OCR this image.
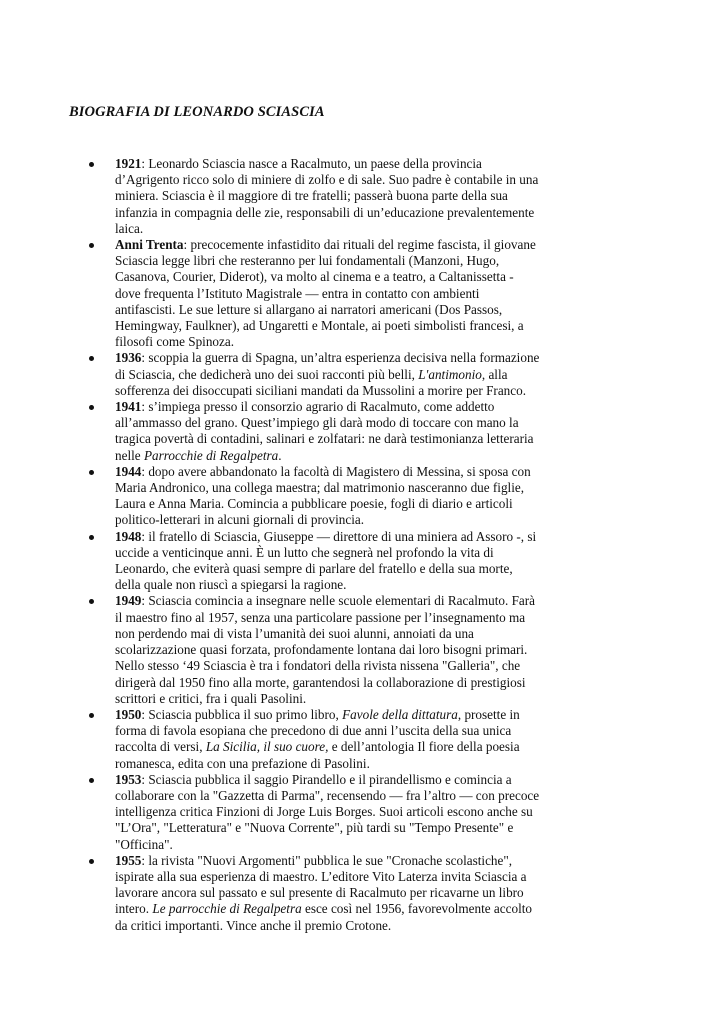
BIOGRAFIA DI LEONARDO SCIASCIA
1921: Leonardo Sciascia nasce a Racalmuto, un paese della provincia d’Agrigento ricco solo di miniere di zolfo e di sale. Suo padre è contabile in una miniera. Sciascia è il maggiore di tre fratelli; passerà buona parte della sua infanzia in compagnia delle zie, responsabili di un’educazione prevalentemente laica.
Anni Trenta: precocemente infastidito dai rituali del regime fascista, il giovane Sciascia legge libri che resteranno per lui fondamentali (Manzoni, Hugo, Casanova, Courier, Diderot), va molto al cinema e a teatro, a Caltanissetta - dove frequenta l’Istituto Magistrale — entra in contatto con ambienti antifascisti. Le sue letture si allargano ai narratori americani (Dos Passos, Hemingway, Faulkner), ad Ungaretti e Montale, ai poeti simbolisti francesi, a filosofi come Spinoza.
1936: scoppia la guerra di Spagna, un’altra esperienza decisiva nella formazione di Sciascia, che dedicherà uno dei suoi racconti più belli, L'antimonio, alla sofferenza dei disoccupati siciliani mandati da Mussolini a morire per Franco.
1941: s’impiega presso il consorzio agrario di Racalmuto, come addetto all’ammasso del grano. Quest’impiego gli darà modo di toccare con mano la tragica povertà di contadini, salinari e zolfatari: ne darà testimonianza letteraria nelle Parrocchie di Regalpetra.
1944: dopo avere abbandonato la facoltà di Magistero di Messina, si sposa con Maria Andronico, una collega maestra; dal matrimonio nasceranno due figlie, Laura e Anna Maria. Comincia a pubblicare poesie, fogli di diario e articoli politico-letterari in alcuni giornali di provincia.
1948: il fratello di Sciascia, Giuseppe — direttore di una miniera ad Assoro -, si uccide a venticinque anni. È un lutto che segnerà nel profondo la vita di Leonardo, che eviterà quasi sempre di parlare del fratello e della sua morte, della quale non riuscì a spiegarsi la ragione.
1949: Sciascia comincia a insegnare nelle scuole elementari di Racalmuto. Farà il maestro fino al 1957, senza una particolare passione per l’insegnamento ma non perdendo mai di vista l’umanità dei suoi alunni, annoiati da una scolarizzazione quasi forzata, profondamente lontana dai loro bisogni primari. Nello stesso ‘49 Sciascia è tra i fondatori della rivista nissena "Galleria", che dirigerà dal 1950 fino alla morte, garantendosi la collaborazione di prestigiosi scrittori e critici, fra i quali Pasolini.
1950: Sciascia pubblica il suo primo libro, Favole della dittatura, prosette in forma di favola esopiana che precedono di due anni l’uscita della sua unica raccolta di versi, La Sicilia, il suo cuore, e dell’antologia Il fiore della poesia romanesca, edita con una prefazione di Pasolini.
1953: Sciascia pubblica il saggio Pirandello e il pirandellismo e comincia a collaborare con la "Gazzetta di Parma", recensendo — fra l’altro — con precoce intelligenza critica Finzioni di Jorge Luis Borges. Suoi articoli escono anche su "L’Ora", "Letteratura" e "Nuova Corrente", più tardi su "Tempo Presente" e "Officina".
1955: la rivista "Nuovi Argomenti" pubblica le sue "Cronache scolastiche", ispirate alla sua esperienza di maestro. L’editore Vito Laterza invita Sciascia a lavorare ancora sul passato e sul presente di Racalmuto per ricavarne un libro intero. Le parrocchie di Regalpetra esce così nel 1956, favorevolmente accolto da critici importanti. Vince anche il premio Crotone.
